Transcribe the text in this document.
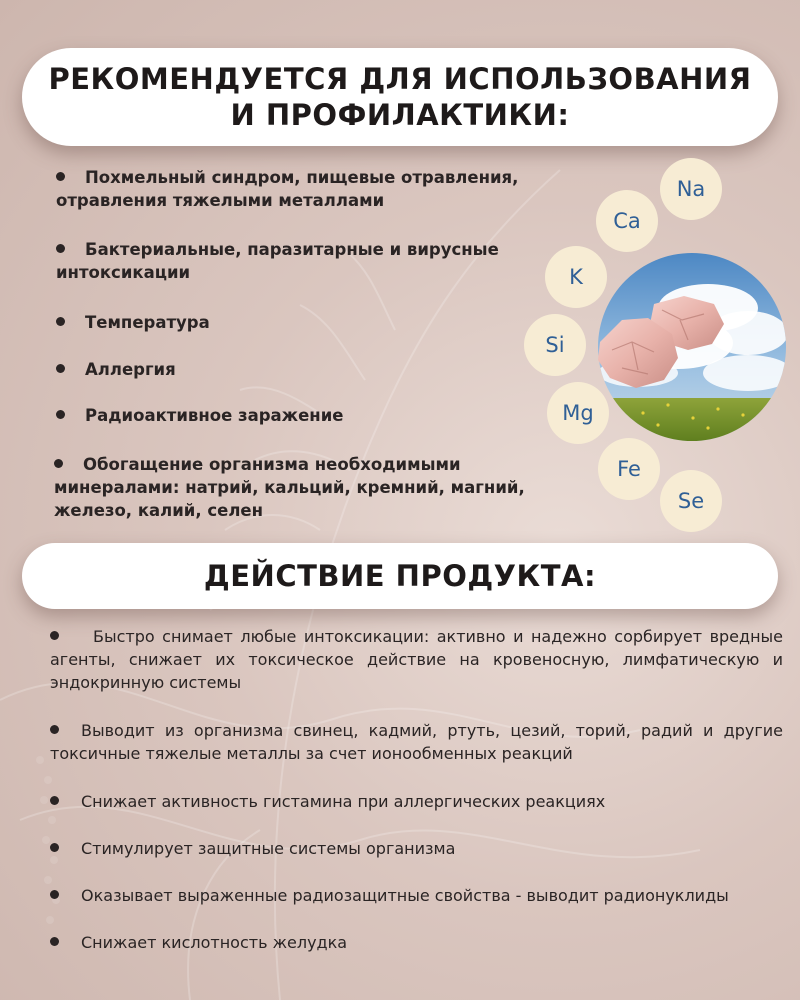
РЕКОМЕНДУЕТСЯ ДЛЯ ИСПОЛЬЗОВАНИЯ
И ПРОФИЛАКТИКИ:
Похмельный синдром, пищевые отравления,
отравления тяжелыми металлами
Бактериальные, паразитарные и вирусные
интоксикации
Температура
Аллергия
Радиоактивное заражение
Обогащение организма необходимыми
минералами: натрий, кальций, кремний, магний,
железо, калий, селен
Na
Ca
K
Si
Mg
Fe
Se
ДЕЙСТВИЕ ПРОДУКТА:
Быстро снимает любые интоксикации: активно и надежно сорбирует вредные агенты, снижает их токсическое действие на кровеносную, лимфатическую и эндокринную системы
Выводит из организма свинец, кадмий, ртуть, цезий, торий, радий и другие токсичные тяжелые металлы за счет ионообменных реакций
Снижает активность гистамина при аллергических реакциях
Стимулирует защитные системы организма
Оказывает выраженные радиозащитные свойства - выводит радионуклиды
Снижает кислотность желудка
